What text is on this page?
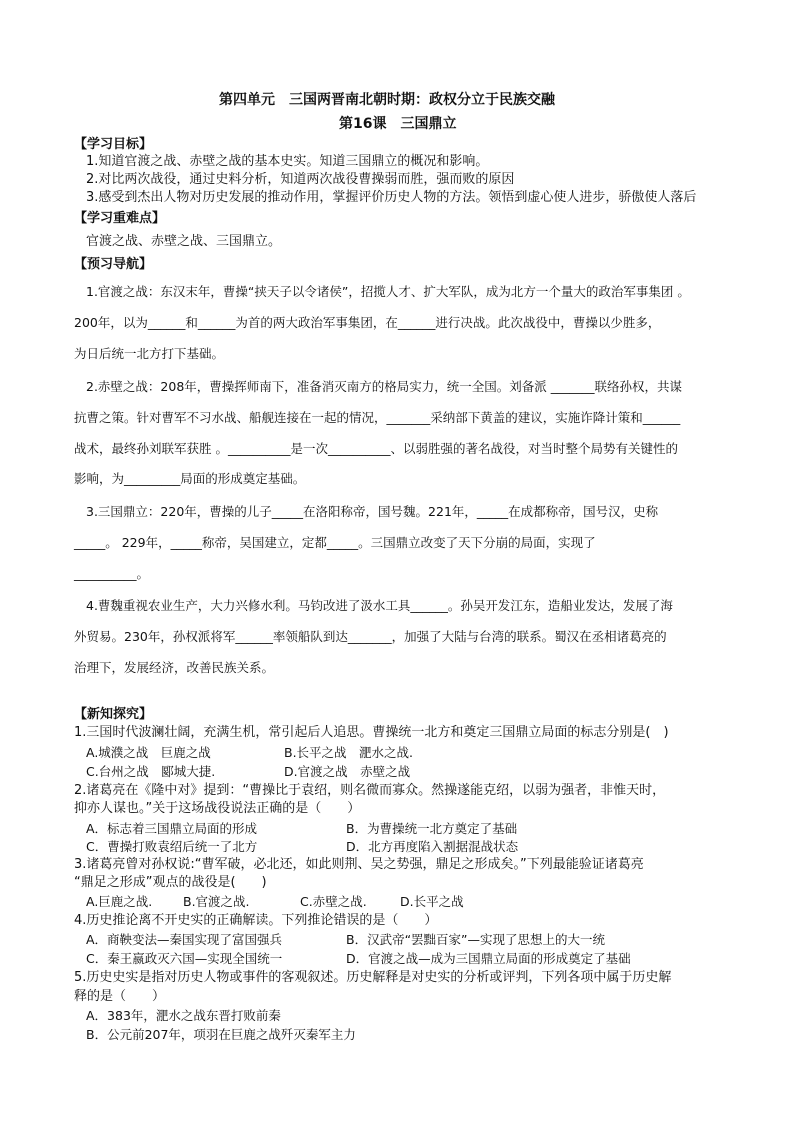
第四单元　三国两晋南北朝时期：政权分立于民族交融
第16课　三国鼎立
【学习目标】
1.知道官渡之战、赤壁之战的基本史实。知道三国鼎立的概况和影响。
2.对比两次战役，通过史料分析，知道两次战役曹操弱而胜，强而败的原因
3.感受到杰出人物对历史发展的推动作用，掌握评价历史人物的方法。领悟到虚心使人进步，骄傲使人落后
【学习重难点】
官渡之战、赤壁之战、三国鼎立。
【预习导航】
1.官渡之战：东汉末年，曹操“挟天子以令诸侯”，招揽人才、扩大军队，成为北方一个量大的政治军事集团 。
200年，以为______和______为首的两大政治军事集团，在______进行决战。此次战役中，曹操以少胜多，
为日后统一北方打下基础。
2.赤壁之战：208年，曹操挥师南下，准备消灭南方的格局实力，统一全国。刘备派 _______联络孙权，共谋
抗曹之策。针对曹军不习水战、船舰连接在一起的情况，_______采纳部下黄盖的建议，实施诈降计策和______
战术，最终孙刘联军获胜 。__________是一次__________、以弱胜强的著名战役，对当时整个局势有关键性的
影响，为_________局面的形成奠定基础。
3.三国鼎立：220年，曹操的儿子_____在洛阳称帝，国号魏。221年，_____在成都称帝，国号汉，史称
_____。 229年，_____称帝，吴国建立，定都_____。三国鼎立改变了天下分崩的局面，实现了
__________。
4.曹魏重视农业生产，大力兴修水利。马钧改进了汲水工具______。孙吴开发江东，造船业发达，发展了海
外贸易。230年，孙权派将军______率领船队到达_______，加强了大陆与台湾的联系。蜀汉在丞相诸葛亮的
治理下，发展经济，改善民族关系。
【新知探究】
1.三国时代波澜壮阔，充满生机，常引起后人追思。曹操统一北方和奠定三国鼎立局面的标志分别是(　)
A.城濮之战　巨鹿之战	B.长平之战　淝水之战.
C.台州之战　郾城大捷.	D.官渡之战　赤壁之战
2.诸葛亮在《隆中对》提到：“曹操比于袁绍，则名微而寡众。然操遂能克绍，以弱为强者，非惟天时，
抑亦人谋也。”关于这场战役说法正确的是（　　）
A．标志着三国鼎立局面的形成	B．为曹操统一北方奠定了基础
C．曹操打败袁绍后统一了北方	D．北方再度陷入割据混战状态
3.诸葛亮曾对孙权说:“曹军破，必北还，如此则荆、吴之势强，鼎足之形成矣。”下列最能验证诸葛亮
“鼎足之形成”观点的战役是(　　)
A.巨鹿之战. B.官渡之战.	C.赤壁之战.	D.长平之战
4.历史推论离不开史实的正确解读。下列推论错误的是（　　）
A．商鞅变法—秦国实现了富国强兵	B．汉武帝“罢黜百家”—实现了思想上的大一统
C．秦王嬴政灭六国—实现全国统一	D．官渡之战—成为三国鼎立局面的形成奠定了基础
5.历史史实是指对历史人物或事件的客观叙述。历史解释是对史实的分析或评判，下列各项中属于历史解
释的是（　　）
A．383年，淝水之战东晋打败前秦
B．公元前207年，项羽在巨鹿之战歼灭秦军主力
